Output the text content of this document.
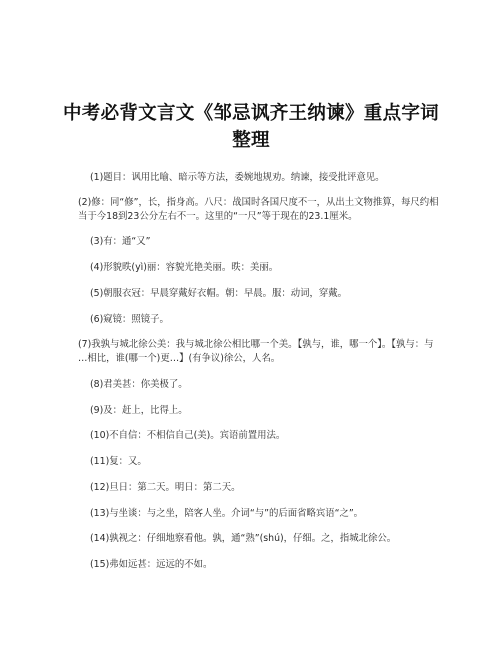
中考必背文言文《邹忌讽齐王纳谏》重点字词
整理
(1)题目：讽用比喻、暗示等方法，委婉地规劝。纳谏，接受批评意见。
(2)修：同“修”，长，指身高。八尺：战国时各国尺度不一，从出土文物推算，每尺约相
当于今18到23公分左右不一。这里的“一尺”等于现在的23.1厘米。
(3)有：通“又”
(4)形貌昳(yì)丽：容貌光艳美丽。昳：美丽。
(5)朝服衣冠：早晨穿戴好衣帽。朝：早晨。服：动词，穿戴。
(6)窥镜：照镜子。
(7)我孰与城北徐公美：我与城北徐公相比哪一个美。【孰与，谁，哪一个】。【孰与：与
…相比，谁(哪一个)更…】(有争议)徐公，人名。
(8)君美甚：你美极了。
(9)及：赶上，比得上。
(10)不自信：不相信自己(美)。宾语前置用法。
(11)复：又。
(12)旦日：第二天。明日：第二天。
(13)与坐谈：与之坐，陪客人坐。介词“与”的后面省略宾语“之”。
(14)孰视之：仔细地察看他。孰，通“熟”(shú)，仔细。之，指城北徐公。
(15)弗如远甚：远远的不如。
